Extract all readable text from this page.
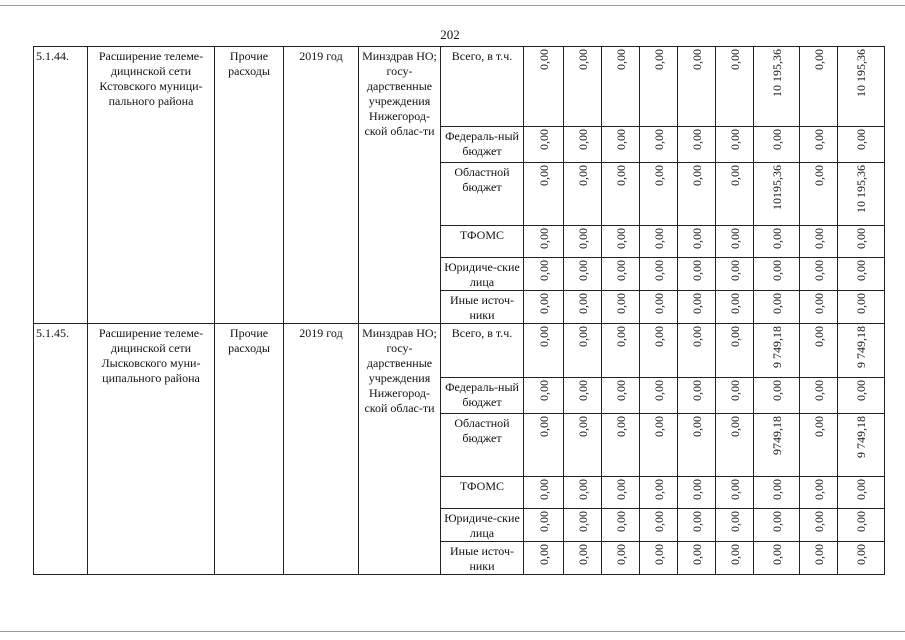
202
5.1.44.	Расширение телеме-дицинской сети Кстовского муници-пального района	Прочие расходы	2019 год	Минздрав НО; госу-дарственные учреждения Нижегород-ской облас-ти	Всего, в т.ч.	0,00	0,00	0,00	0,00	0,00	0,00	10 195,36	0,00	10 195,36
					Федераль-ный бюджет	0,00	0,00	0,00	0,00	0,00	0,00	0,00	0,00	0,00
					Областной бюджет	0,00	0,00	0,00	0,00	0,00	0,00	10195,36	0,00	10 195,36
					ТФОМС	0,00	0,00	0,00	0,00	0,00	0,00	0,00	0,00	0,00
					Юридиче-ские лица	0,00	0,00	0,00	0,00	0,00	0,00	0,00	0,00	0,00
					Иные источ-ники	0,00	0,00	0,00	0,00	0,00	0,00	0,00	0,00	0,00
5.1.45.	Расширение телеме-дицинской сети Лысковского муни-ципального района	Прочие расходы	2019 год	Минздрав НО; госу-дарственные учреждения Нижегород-ской облас-ти	Всего, в т.ч.	0,00	0,00	0,00	0,00	0,00	0,00	9 749,18	0,00	9 749,18
					Федераль-ный бюджет	0,00	0,00	0,00	0,00	0,00	0,00	0,00	0,00	0,00
					Областной бюджет	0,00	0,00	0,00	0,00	0,00	0,00	9749,18	0,00	9 749,18
					ТФОМС	0,00	0,00	0,00	0,00	0,00	0,00	0,00	0,00	0,00
					Юридиче-ские лица	0,00	0,00	0,00	0,00	0,00	0,00	0,00	0,00	0,00
					Иные источ-ники	0,00	0,00	0,00	0,00	0,00	0,00	0,00	0,00	0,00
